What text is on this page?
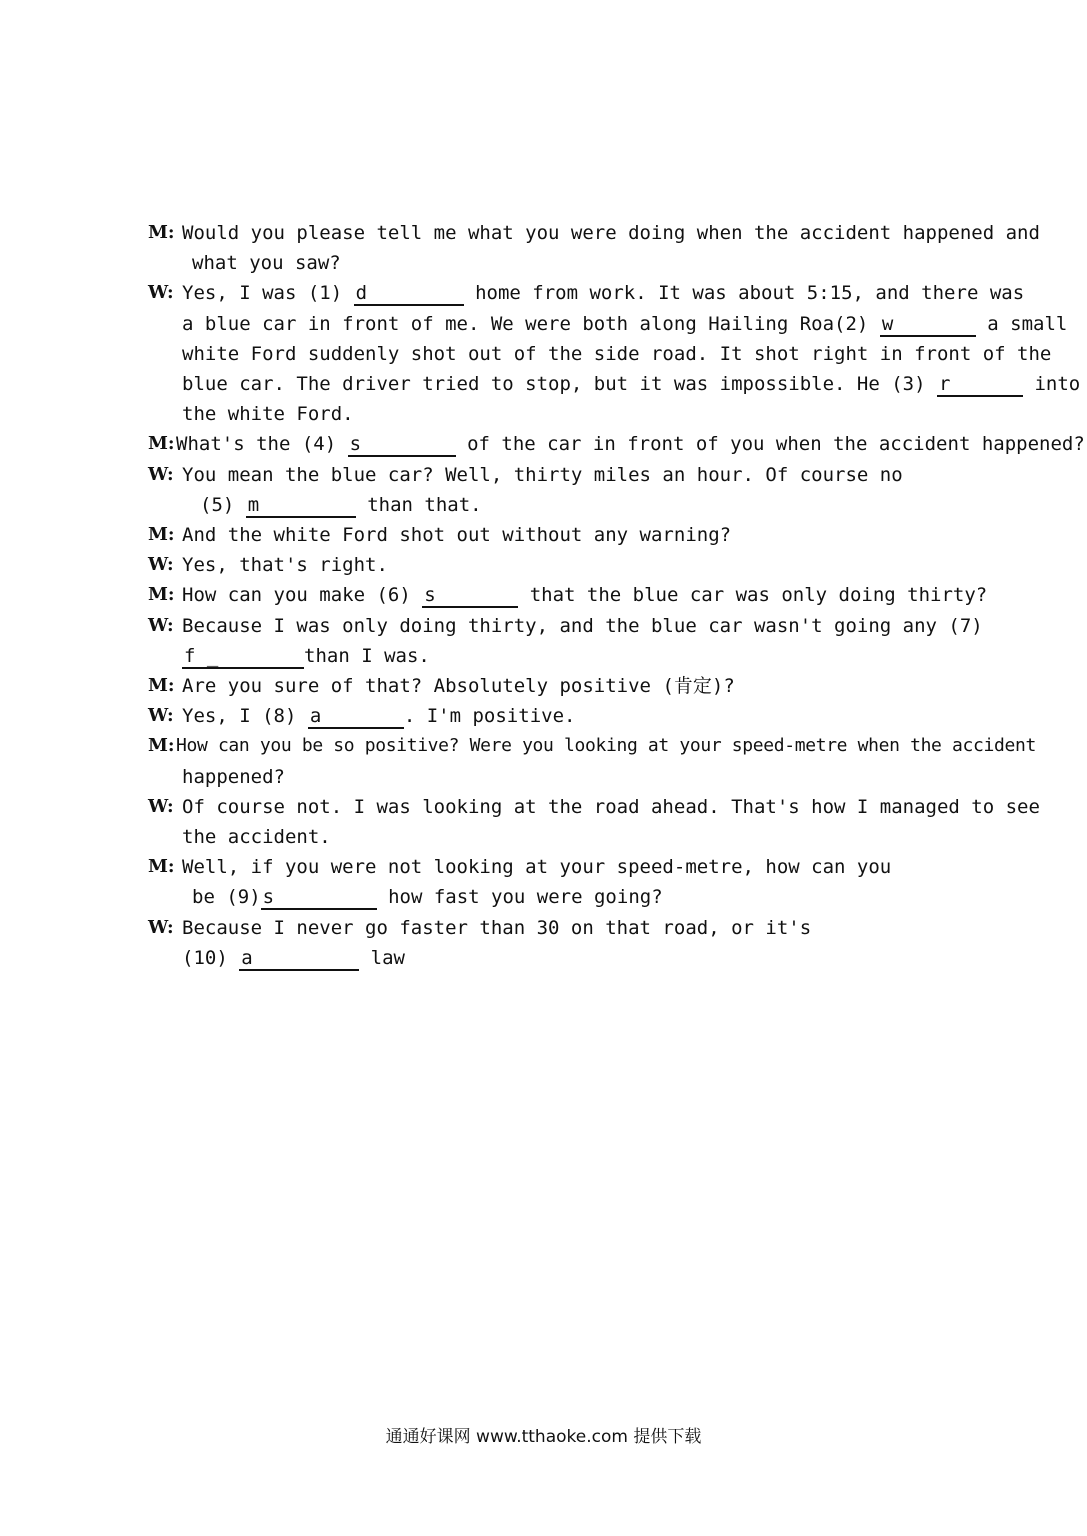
M: Would you please tell me what you were doing when the accident happened and
what you saw?
W: Yes, I was (1) d	home from work. It was about 5:15, and there was
a blue car in front of me. We were both along Hailing Roa(2) w	a small
white Ford suddenly shot out of the side road. It shot right in front of the
blue car. The driver tried to stop, but it was impossible. He (3) r	into
the white Ford.
M: What's the (4) s	of the car in front of you when the accident happened?
W: You mean the blue car? Well, thirty miles an hour. Of course no
(5) m	than that.
M: And the white Ford shot out without any warning?
W: Yes, that's right.
M: How can you make (6) s	that the blue car was only doing thirty?
W: Because I was only doing thirty, and the blue car wasn't going any (7)
f _	than I was.
M: Are you sure of that? Absolutely positive (肯定)?
W: Yes, I (8) a	. I'm positive.
M: How can you be so positive? Were you looking at your speed-metre when the accident
happened?
W: Of course not. I was looking at the road ahead. That's how I managed to see
the accident.
M: Well, if you were not looking at your speed-metre, how can you
be (9) s	how fast you were going?
W: Because I never go faster than 30 on that road, or it's
(10) a	law
通通好课网 www.tthaoke.com 提供下载
